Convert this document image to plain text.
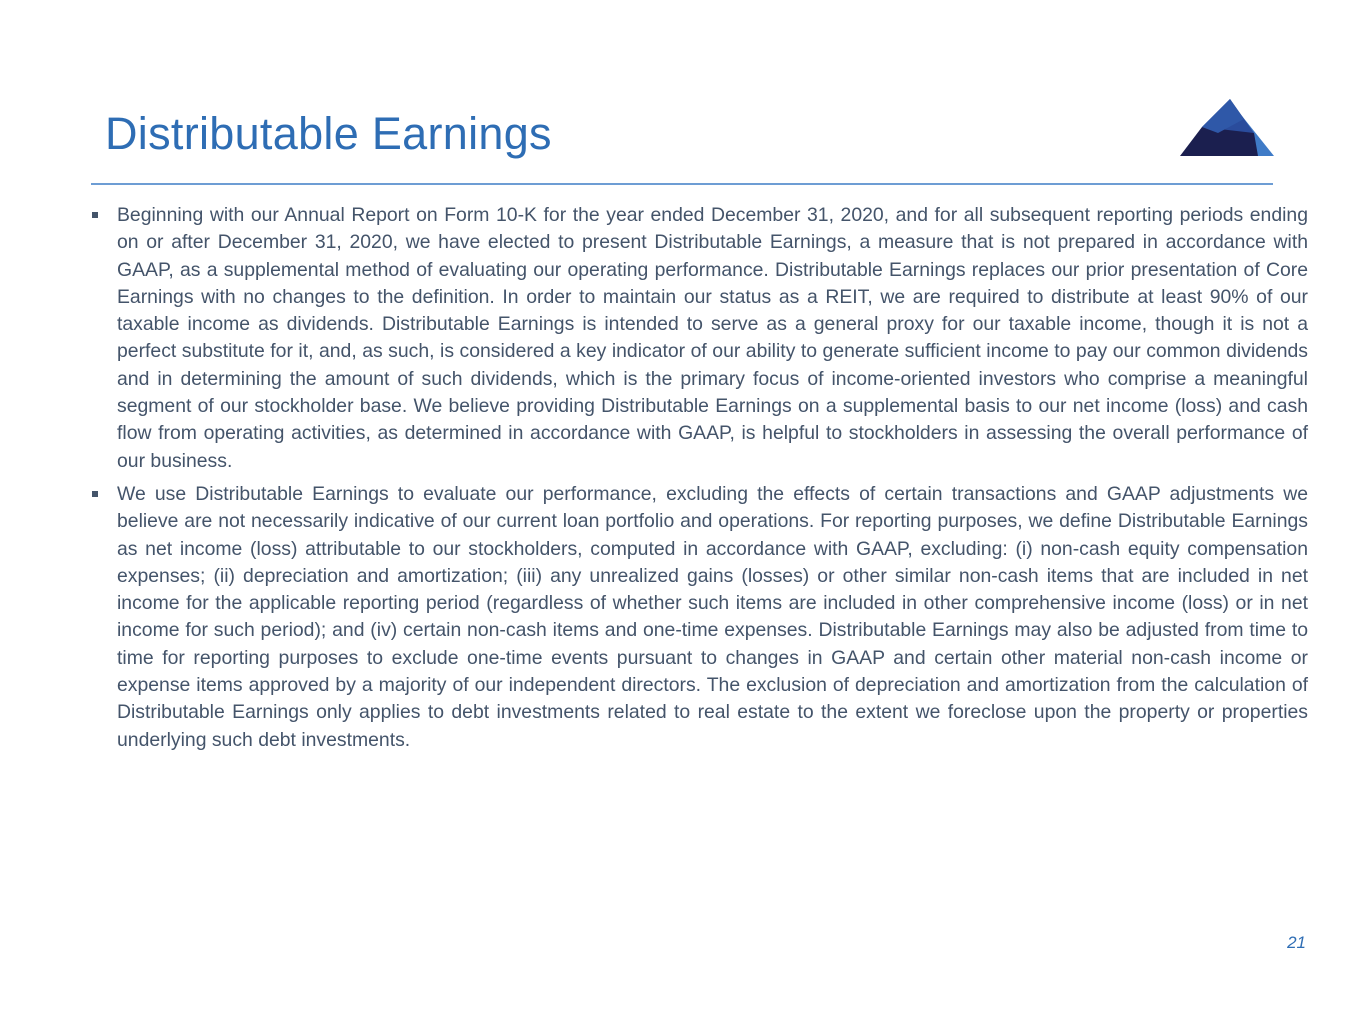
Distributable Earnings
Beginning with our Annual Report on Form 10-K for the year ended December 31, 2020, and for all subsequent reporting periods ending on or after December 31, 2020, we have elected to present Distributable Earnings, a measure that is not prepared in accordance with GAAP, as a supplemental method of evaluating our operating performance. Distributable Earnings replaces our prior presentation of Core Earnings with no changes to the definition. In order to maintain our status as a REIT, we are required to distribute at least 90% of our taxable income as dividends. Distributable Earnings is intended to serve as a general proxy for our taxable income, though it is not a perfect substitute for it, and, as such, is considered a key indicator of our ability to generate sufficient income to pay our common dividends and in determining the amount of such dividends, which is the primary focus of income-oriented investors who comprise a meaningful segment of our stockholder base. We believe providing Distributable Earnings on a supplemental basis to our net income (loss) and cash flow from operating activities, as determined in accordance with GAAP, is helpful to stockholders in assessing the overall performance of our business.
We use Distributable Earnings to evaluate our performance, excluding the effects of certain transactions and GAAP adjustments we believe are not necessarily indicative of our current loan portfolio and operations. For reporting purposes, we define Distributable Earnings as net income (loss) attributable to our stockholders, computed in accordance with GAAP, excluding: (i) non-cash equity compensation expenses; (ii) depreciation and amortization; (iii) any unrealized gains (losses) or other similar non-cash items that are included in net income for the applicable reporting period (regardless of whether such items are included in other comprehensive income (loss) or in net income for such period); and (iv) certain non-cash items and one-time expenses. Distributable Earnings may also be adjusted from time to time for reporting purposes to exclude one-time events pursuant to changes in GAAP and certain other material non-cash income or expense items approved by a majority of our independent directors. The exclusion of depreciation and amortization from the calculation of Distributable Earnings only applies to debt investments related to real estate to the extent we foreclose upon the property or properties underlying such debt investments.
21
